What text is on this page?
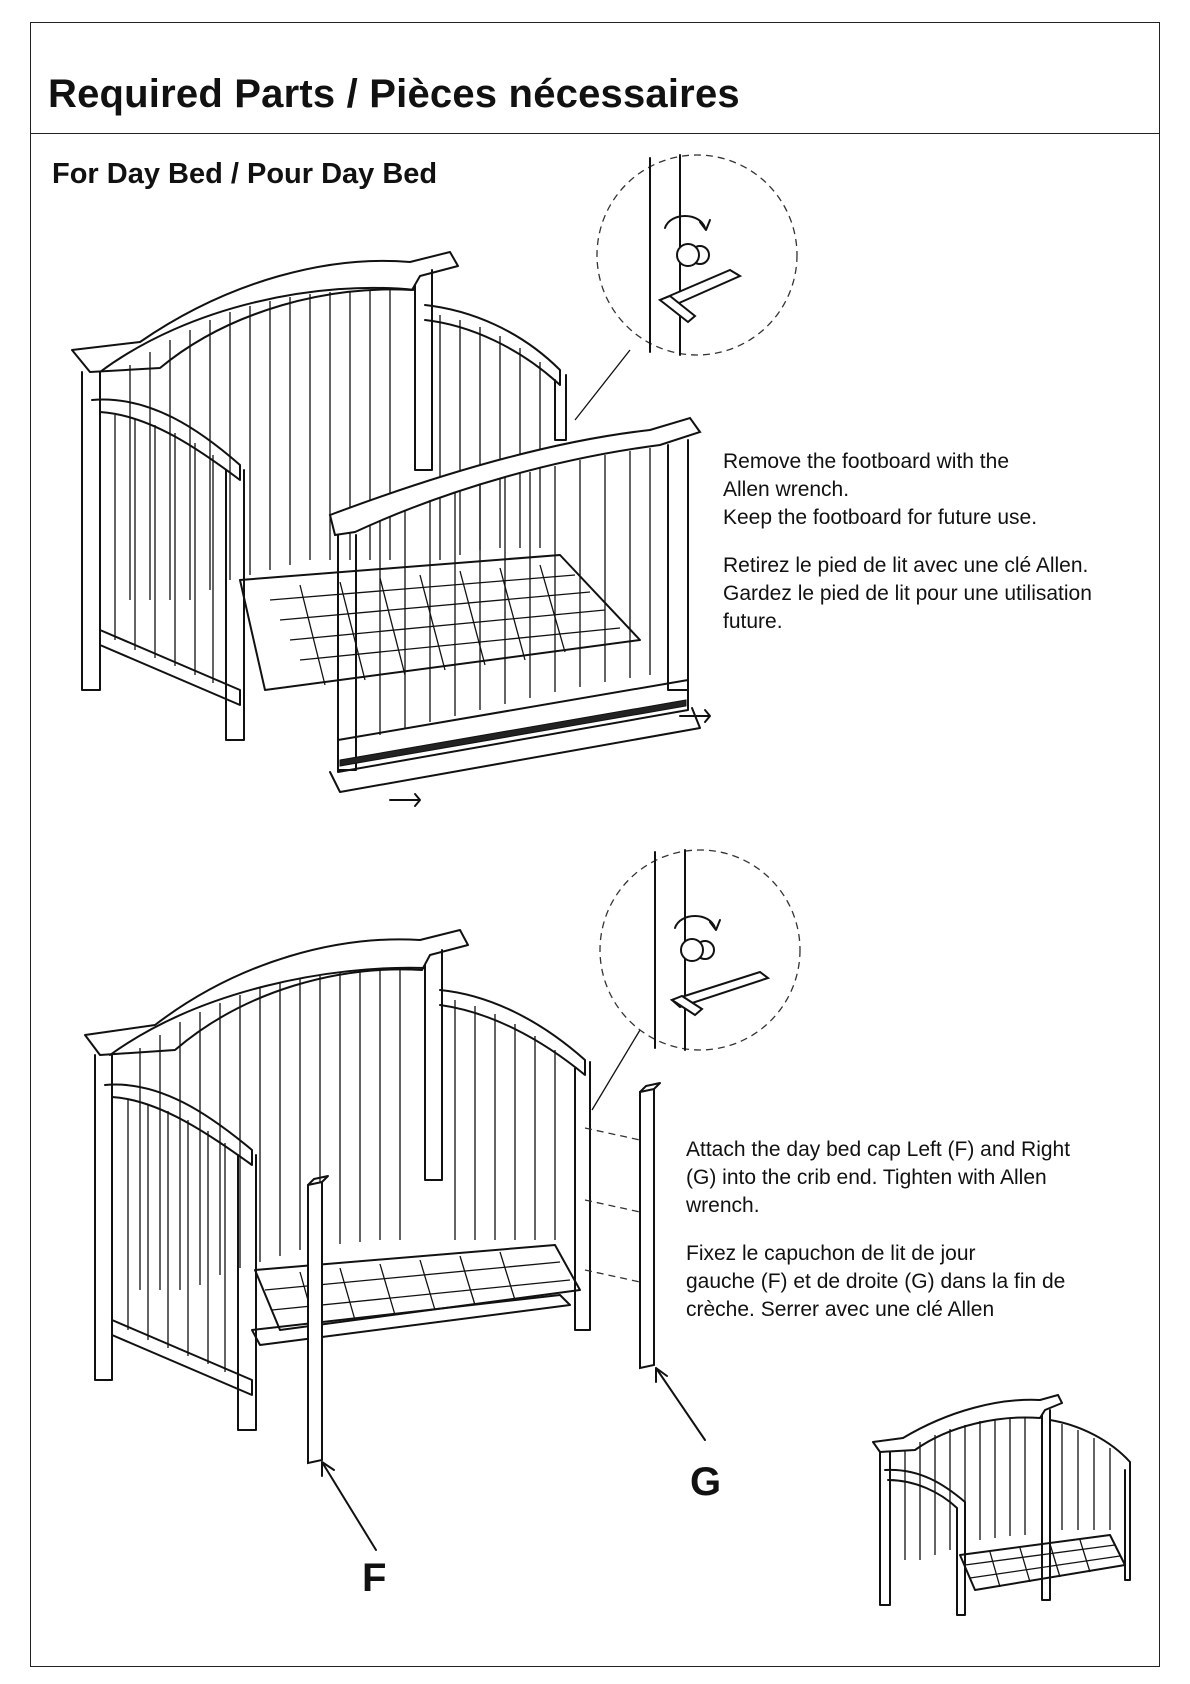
Required Parts / Pièces nécessaires
For Day Bed / Pour Day Bed

Remove the footboard with the
Allen wrench.
Keep the footboard for future use.

Retirez le pied de lit avec une clé Allen.
Gardez le pied de lit pour une utilisation
future.

Attach the day bed cap Left (F) and Right
(G) into the crib end. Tighten with Allen
wrench.

Fixez le capuchon de lit de jour
gauche (F) et de droite (G) dans la fin de
crèche. Serrer avec une clé Allen

G
F
